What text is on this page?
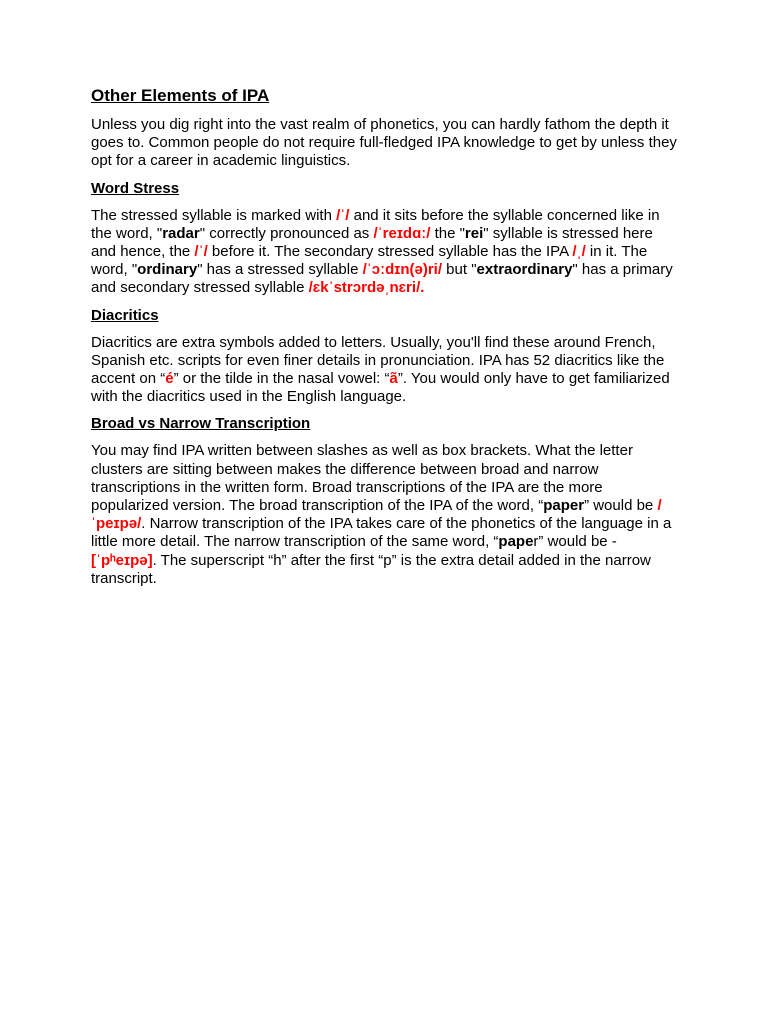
Other Elements of IPA

Unless you dig right into the vast realm of phonetics, you can hardly fathom the depth it goes to. Common people do not require full-fledged IPA knowledge to get by unless they opt for a career in academic linguistics.

Word Stress

The stressed syllable is marked with /ˈ/ and it sits before the syllable concerned like in the word, "radar" correctly pronounced as /ˈreɪdɑː/ the "rei" syllable is stressed here and hence, the /ˈ/ before it. The secondary stressed syllable has the IPA /ˌ/ in it. The word, "ordinary" has a stressed syllable /ˈɔːdɪn(ə)ri/ but "extraordinary" has a primary and secondary stressed syllable /ɛkˈstrɔrdəˌnɛri/.

Diacritics

Diacritics are extra symbols added to letters. Usually, you'll find these around French, Spanish etc. scripts for even finer details in pronunciation. IPA has 52 diacritics like the accent on “é” or the tilde in the nasal vowel: “ã”. You would only have to get familiarized with the diacritics used in the English language.

Broad vs Narrow Transcription

You may find IPA written between slashes as well as box brackets. What the letter clusters are sitting between makes the difference between broad and narrow transcriptions in the written form. Broad transcriptions of the IPA are the more popularized version. The broad transcription of the IPA of the word, “paper” would be /ˈpeɪpə/. Narrow transcription of the IPA takes care of the phonetics of the language in a little more detail. The narrow transcription of the same word, “paper” would be - [ˈpʰeɪpə]. The superscript “h” after the first “p” is the extra detail added in the narrow transcript.
